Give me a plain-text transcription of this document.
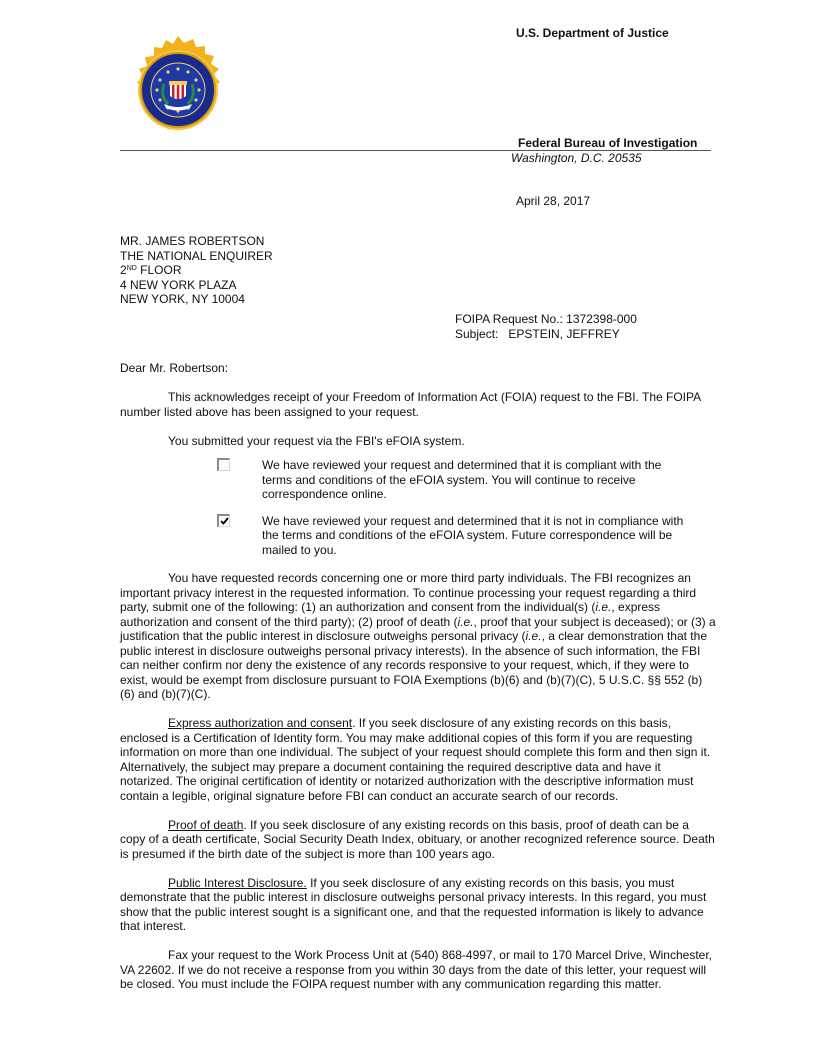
U.S. Department of Justice
Federal Bureau of Investigation
Washington, D.C. 20535
April 28, 2017
MR. JAMES ROBERTSON
THE NATIONAL ENQUIRER
2ND FLOOR
4 NEW YORK PLAZA
NEW YORK, NY 10004
FOIPA Request No.: 1372398-000
Subject:   EPSTEIN, JEFFREY

Dear Mr. Robertson:

This acknowledges receipt of your Freedom of Information Act (FOIA) request to the FBI. The FOIPA number listed above has been assigned to your request.

You submitted your request via the FBI's eFOIA system.

We have reviewed your request and determined that it is compliant with the terms and conditions of the eFOIA system. You will continue to receive correspondence online.
We have reviewed your request and determined that it is not in compliance with the terms and conditions of the eFOIA system. Future correspondence will be mailed to you.

You have requested records concerning one or more third party individuals. The FBI recognizes an important privacy interest in the requested information. To continue processing your request regarding a third party, submit one of the following: (1) an authorization and consent from the individual(s) (i.e., express authorization and consent of the third party); (2) proof of death (i.e., proof that your subject is deceased); or (3) a justification that the public interest in disclosure outweighs personal privacy (i.e., a clear demonstration that the public interest in disclosure outweighs personal privacy interests). In the absence of such information, the FBI can neither confirm nor deny the existence of any records responsive to your request, which, if they were to exist, would be exempt from disclosure pursuant to FOIA Exemptions (b)(6) and (b)(7)(C), 5 U.S.C. §§ 552 (b)(6) and (b)(7)(C).

Express authorization and consent. If you seek disclosure of any existing records on this basis, enclosed is a Certification of Identity form. You may make additional copies of this form if you are requesting information on more than one individual. The subject of your request should complete this form and then sign it. Alternatively, the subject may prepare a document containing the required descriptive data and have it notarized. The original certification of identity or notarized authorization with the descriptive information must contain a legible, original signature before FBI can conduct an accurate search of our records.

Proof of death. If you seek disclosure of any existing records on this basis, proof of death can be a copy of a death certificate, Social Security Death Index, obituary, or another recognized reference source. Death is presumed if the birth date of the subject is more than 100 years ago.

Public Interest Disclosure. If you seek disclosure of any existing records on this basis, you must demonstrate that the public interest in disclosure outweighs personal privacy interests. In this regard, you must show that the public interest sought is a significant one, and that the requested information is likely to advance that interest.

Fax your request to the Work Process Unit at (540) 868-4997, or mail to 170 Marcel Drive, Winchester, VA 22602. If we do not receive a response from you within 30 days from the date of this letter, your request will be closed. You must include the FOIPA request number with any communication regarding this matter.
